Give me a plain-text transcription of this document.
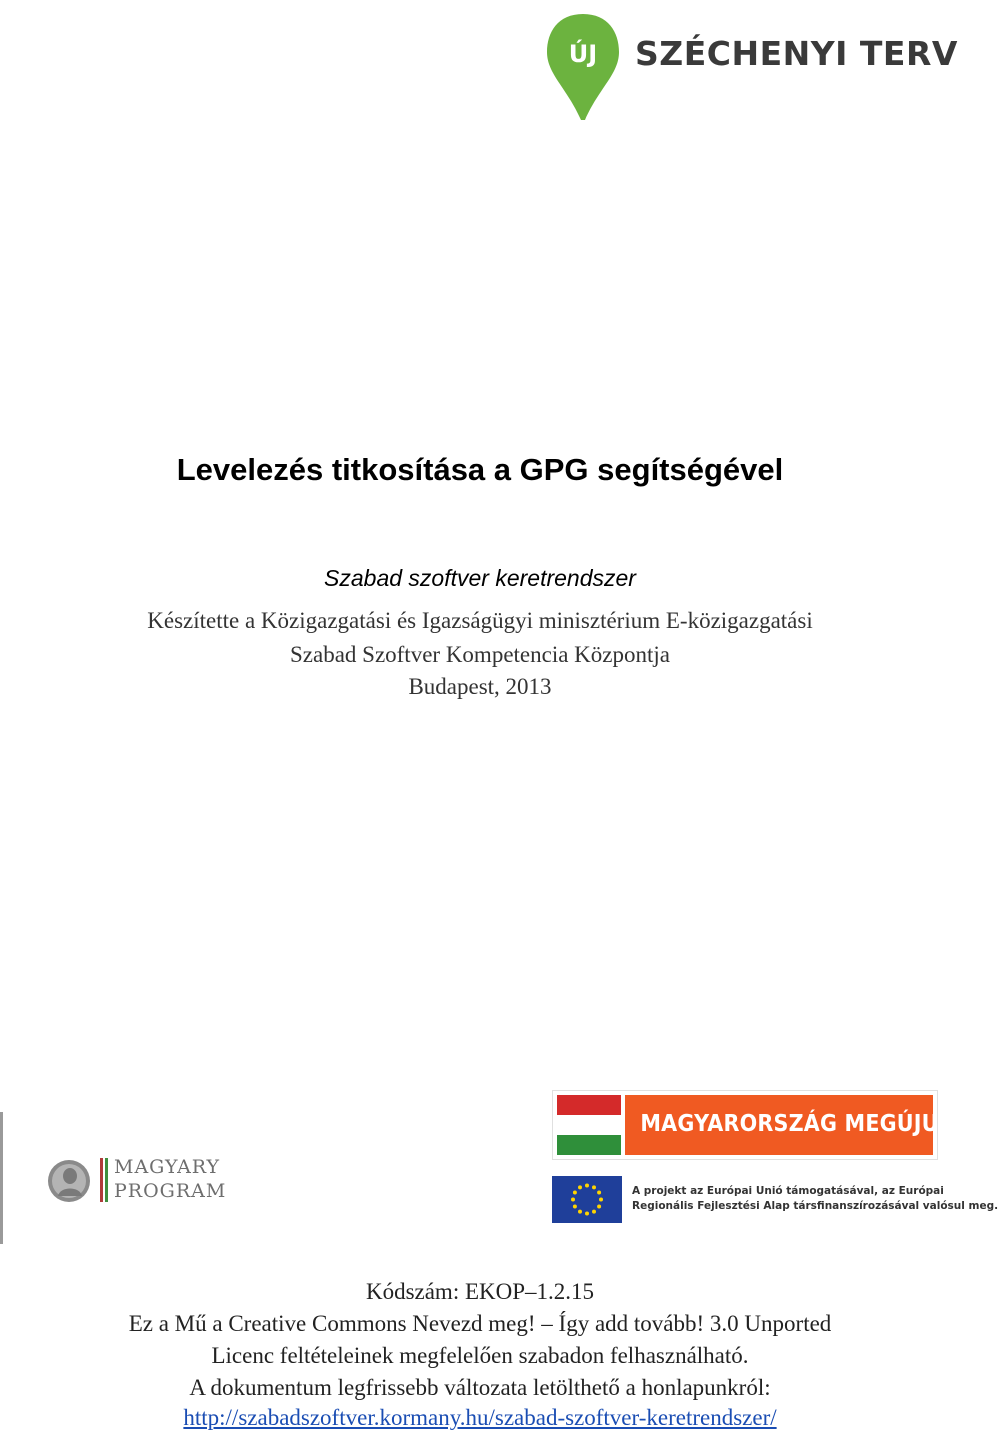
ÚJ SZÉCHENYI TERV
Levelezés titkosítása a GPG segítségével
Szabad szoftver keretrendszer
Készítette a Közigazgatási és Igazságügyi minisztérium E-közigazgatási
Szabad Szoftver Kompetencia Központja
Budapest, 2013
MAGYARY
PROGRAM
MAGYARORSZÁG MEGÚJUL
A projekt az Európai Unió támogatásával, az Európai
Regionális Fejlesztési Alap társfinanszírozásával valósul meg.
Kódszám: EKOP–1.2.15
Ez a Mű a Creative Commons Nevezd meg! – Így add tovább! 3.0 Unported
Licenc feltételeinek megfelelően szabadon felhasználható.
A dokumentum legfrissebb változata letölthető a honlapunkról:
http://szabadszoftver.kormany.hu/szabad-szoftver-keretrendszer/
